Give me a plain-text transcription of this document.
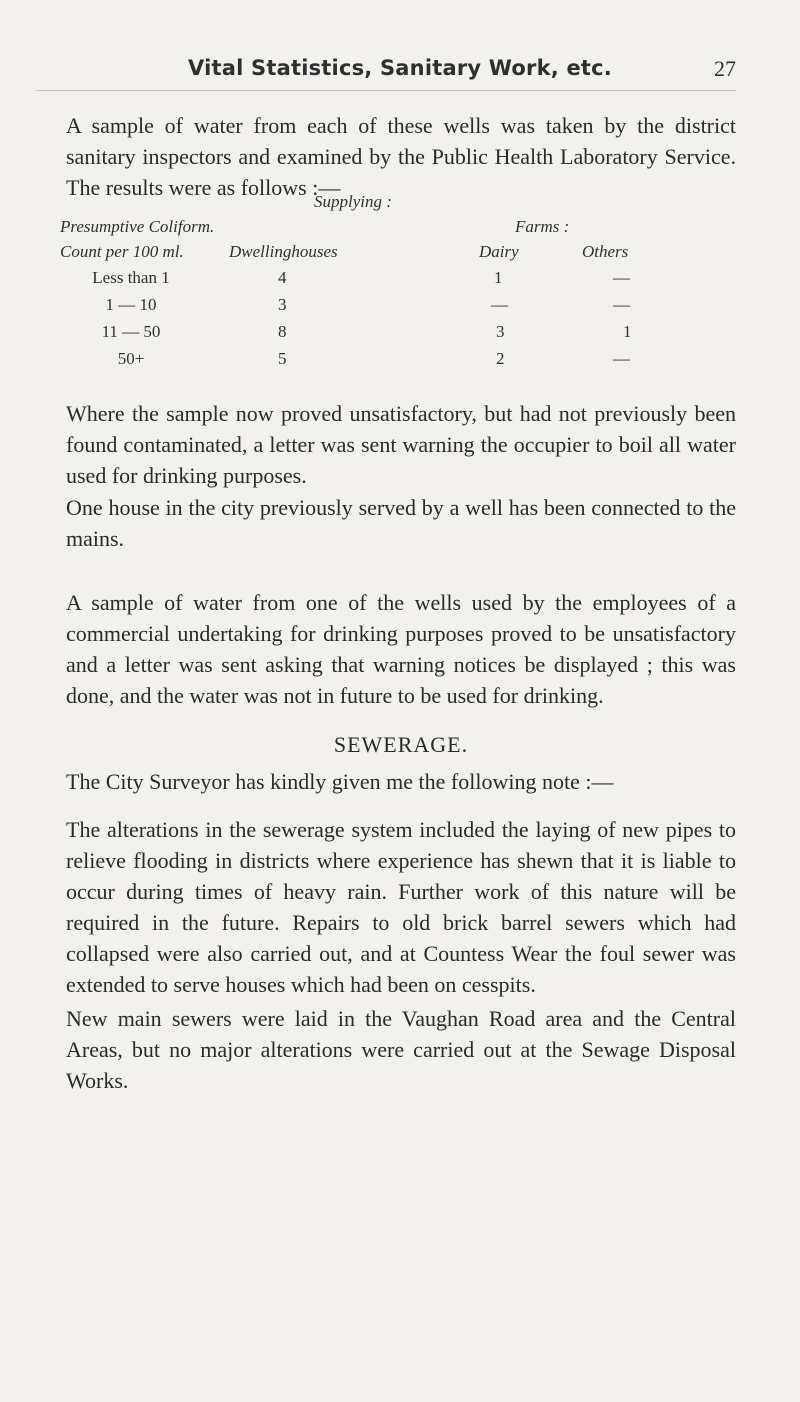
Vital Statistics, Sanitary Work, etc.	27

A sample of water from each of these wells was taken by the district sanitary inspectors and examined by the Public Health Laboratory Service. The results were as follows :—

Supplying :
Presumptive Coliform.	Farms :
Count per 100 ml.	Dwellinghouses	Dairy	Others
Less than 1	4	1	—
1 — 10	3	—	—
11 — 50	8	3	1
50+	5	2	—

Where the sample now proved unsatisfactory, but had not previously been found contaminated, a letter was sent warning the occupier to boil all water used for drinking purposes.

One house in the city previously served by a well has been connected to the mains.

A sample of water from one of the wells used by the employees of a commercial undertaking for drinking purposes proved to be unsatisfactory and a letter was sent asking that warning notices be displayed ; this was done, and the water was not in future to be used for drinking.

SEWERAGE.

The City Surveyor has kindly given me the following note :—

The alterations in the sewerage system included the laying of new pipes to relieve flooding in districts where experience has shewn that it is liable to occur during times of heavy rain. Further work of this nature will be required in the future. Repairs to old brick barrel sewers which had collapsed were also carried out, and at Countess Wear the foul sewer was extended to serve houses which had been on cesspits.

New main sewers were laid in the Vaughan Road area and the Central Areas, but no major alterations were carried out at the Sewage Disposal Works.
